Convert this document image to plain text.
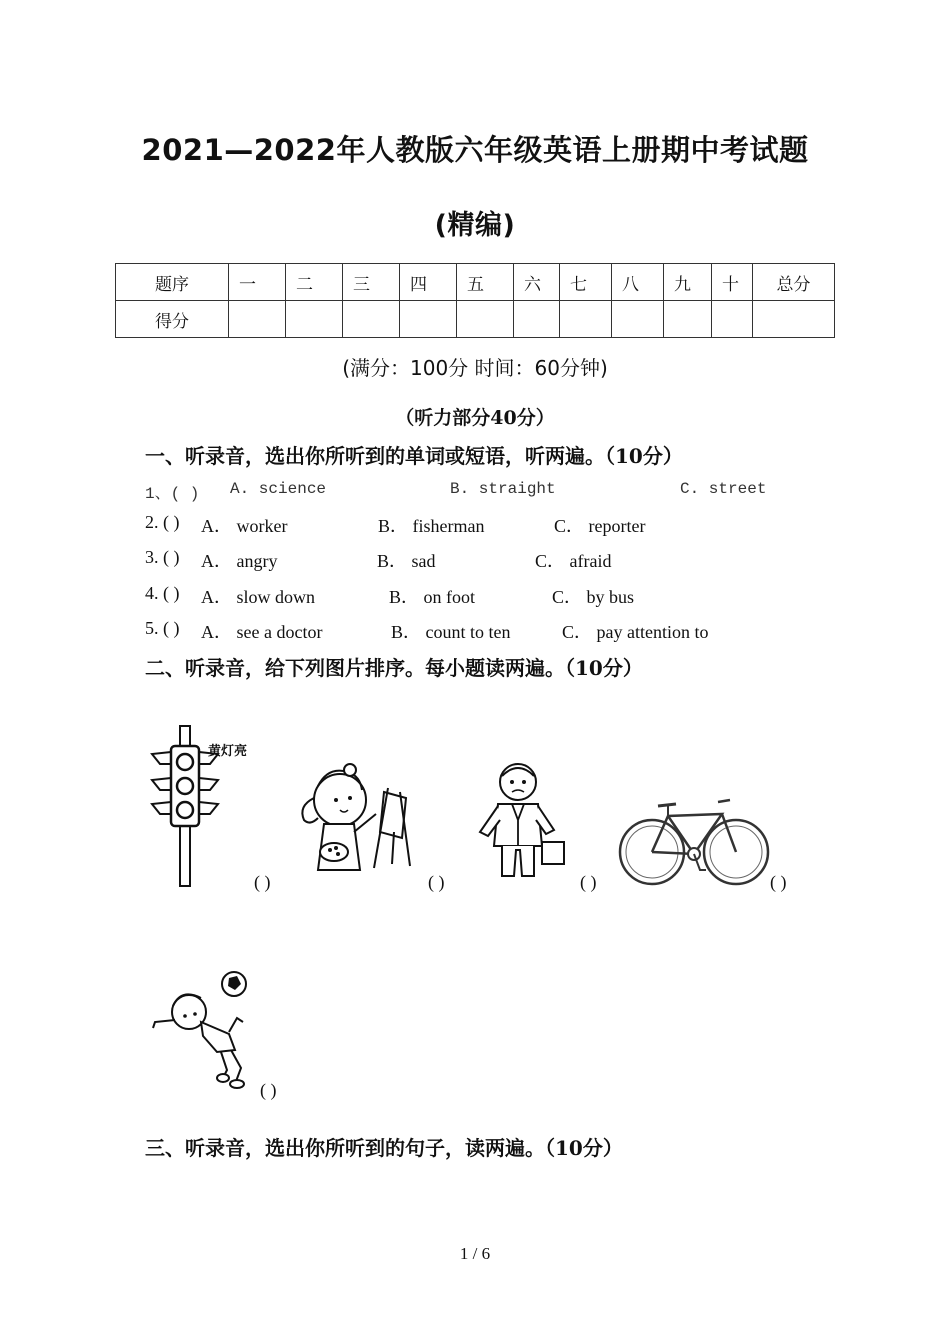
2021—2022年人教版六年级英语上册期中考试题
(精编)
题序	一	二	三	四	五	六	七	八	九	十	总分
得分											
(满分：100分 时间：60分钟)
（听力部分40分）
一、听录音，选出你所听到的单词或短语，听两遍。（10分）
1、( ) A. science	B. straight	C. street
2. ( ) A． worker	B． fisherman	C． reporter
3. ( ) A． angry	B． sad	C． afraid
4. ( ) A． slow down	B． on foot	C． by bus
5. ( ) A． see a doctor	B． count to ten	C． pay attention to
二、听录音，给下列图片排序。每小题读两遍。（10分）
黄灯亮
( )	( )	( )	( )
( )
三、听录音，选出你所听到的句子，读两遍。（10分）
1 / 6
